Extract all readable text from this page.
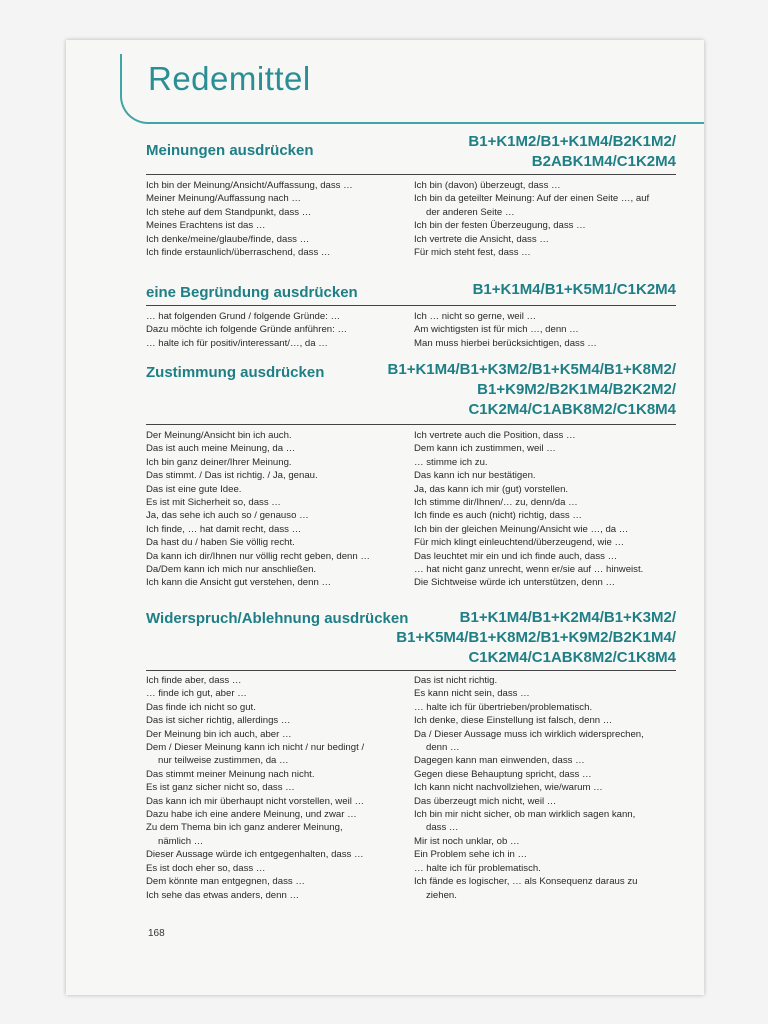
Redemittel
Meinungen ausdrücken
B1+K1M2/B1+K1M4/B2K1M2/
B2ABK1M4/C1K2M4
Ich bin der Meinung/Ansicht/Auffassung, dass …
Meiner Meinung/Auffassung nach …
Ich stehe auf dem Standpunkt, dass …
Meines Erachtens ist das …
Ich denke/meine/glaube/finde, dass …
Ich finde erstaunlich/überraschend, dass …
Ich bin (davon) überzeugt, dass …
Ich bin da geteilter Meinung: Auf der einen Seite …, auf
der anderen Seite …
Ich bin der festen Überzeugung, dass …
Ich vertrete die Ansicht, dass …
Für mich steht fest, dass …
eine Begründung ausdrücken	B1+K1M4/B1+K5M1/C1K2M4
… hat folgenden Grund / folgende Gründe: …
Dazu möchte ich folgende Gründe anführen: …
… halte ich für positiv/interessant/…, da …
Ich … nicht so gerne, weil …
Am wichtigsten ist für mich …, denn …
Man muss hierbei berücksichtigen, dass …
Zustimmung ausdrücken	B1+K1M4/B1+K3M2/B1+K5M4/B1+K8M2/
B1+K9M2/B2K1M4/B2K2M2/
C1K2M4/C1ABK8M2/C1K8M4
Der Meinung/Ansicht bin ich auch.
Das ist auch meine Meinung, da …
Ich bin ganz deiner/Ihrer Meinung.
Das stimmt. / Das ist richtig. / Ja, genau.
Das ist eine gute Idee.
Es ist mit Sicherheit so, dass …
Ja, das sehe ich auch so / genauso …
Ich finde, … hat damit recht, dass …
Da hast du / haben Sie völlig recht.
Da kann ich dir/Ihnen nur völlig recht geben, denn …
Da/Dem kann ich mich nur anschließen.
Ich kann die Ansicht gut verstehen, denn …
Ich vertrete auch die Position, dass …
Dem kann ich zustimmen, weil …
… stimme ich zu.
Das kann ich nur bestätigen.
Ja, das kann ich mir (gut) vorstellen.
Ich stimme dir/Ihnen/… zu, denn/da …
Ich finde es auch (nicht) richtig, dass …
Ich bin der gleichen Meinung/Ansicht wie …, da …
Für mich klingt einleuchtend/überzeugend, wie …
Das leuchtet mir ein und ich finde auch, dass …
… hat nicht ganz unrecht, wenn er/sie auf … hinweist.
Die Sichtweise würde ich unterstützen, denn …
Widerspruch/Ablehnung ausdrücken	B1+K1M4/B1+K2M4/B1+K3M2/
B1+K5M4/B1+K8M2/B1+K9M2/B2K1M4/
C1K2M4/C1ABK8M2/C1K8M4
Ich finde aber, dass …
… finde ich gut, aber …
Das finde ich nicht so gut.
Das ist sicher richtig, allerdings …
Der Meinung bin ich auch, aber …
Dem / Dieser Meinung kann ich nicht / nur bedingt /
nur teilweise zustimmen, da …
Das stimmt meiner Meinung nach nicht.
Es ist ganz sicher nicht so, dass …
Das kann ich mir überhaupt nicht vorstellen, weil …
Dazu habe ich eine andere Meinung, und zwar …
Zu dem Thema bin ich ganz anderer Meinung,
nämlich …
Dieser Aussage würde ich entgegenhalten, dass …
Es ist doch eher so, dass …
Dem könnte man entgegnen, dass …
Ich sehe das etwas anders, denn …
Das ist nicht richtig.
Es kann nicht sein, dass …
… halte ich für übertrieben/problematisch.
Ich denke, diese Einstellung ist falsch, denn …
Da / Dieser Aussage muss ich wirklich widersprechen,
denn …
Dagegen kann man einwenden, dass …
Gegen diese Behauptung spricht, dass …
Ich kann nicht nachvollziehen, wie/warum …
Das überzeugt mich nicht, weil …
Ich bin mir nicht sicher, ob man wirklich sagen kann,
dass …
Mir ist noch unklar, ob …
Ein Problem sehe ich in …
… halte ich für problematisch.
Ich fände es logischer, … als Konsequenz daraus zu
ziehen.
168
